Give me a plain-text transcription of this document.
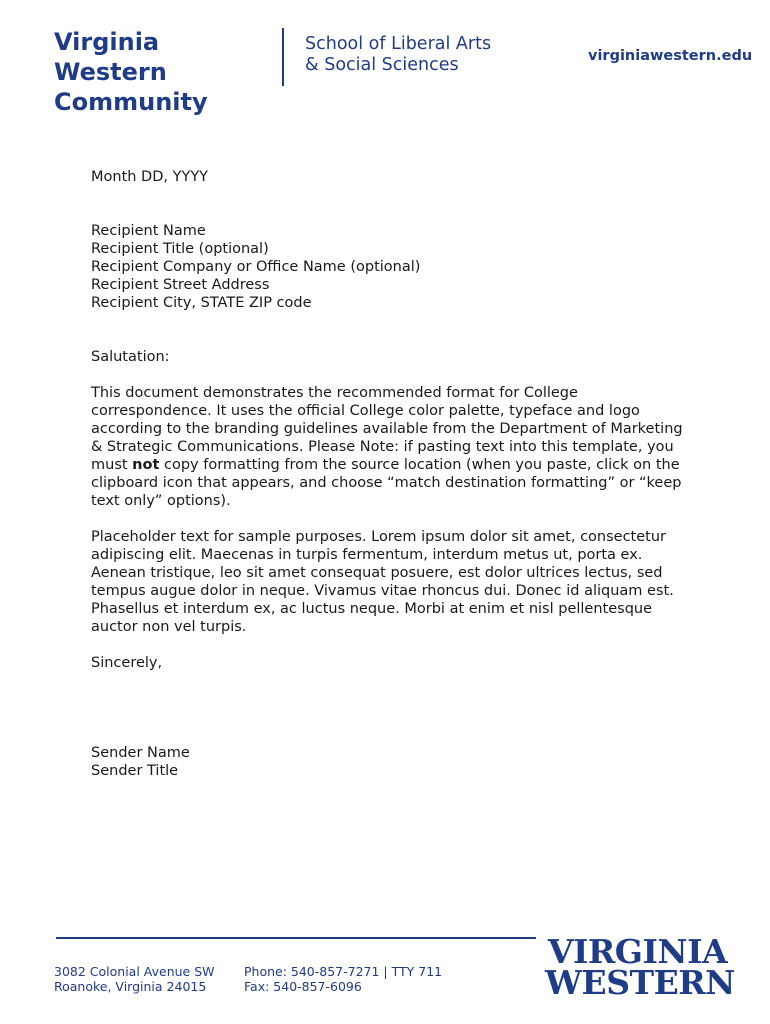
Virginia
Western
Community
School of Liberal Arts
& Social Sciences	virginiawestern.edu

Month DD, YYYY

Recipient Name

Recipient Title (optional)

Recipient Company or Office Name (optional)

Recipient Street Address

Recipient City, STATE ZIP code

Salutation:

This document demonstrates the recommended format for College correspondence. It uses the official College color palette, typeface and logo according to the branding guidelines available from the Department of Marketing & Strategic Communications. Please Note: if pasting text into this template, you must not copy formatting from the source location (when you paste, click on the clipboard icon that appears, and choose “match destination formatting” or “keep text only” options).

Placeholder text for sample purposes. Lorem ipsum dolor sit amet, consectetur adipiscing elit. Maecenas in turpis fermentum, interdum metus ut, porta ex. Aenean tristique, leo sit amet consequat posuere, est dolor ultrices lectus, sed tempus augue dolor in neque. Vivamus vitae rhoncus dui. Donec id aliquam est. Phasellus et interdum ex, ac luctus neque. Morbi at enim et nisl pellentesque auctor non vel turpis.

Sincerely,

Sender Name

Sender Title

3082 Colonial Avenue SW
Roanoke, Virginia 24015
Phone: 540-857-7271 | TTY 711
Fax: 540-857-6096
VIRGINIA
WESTERN
